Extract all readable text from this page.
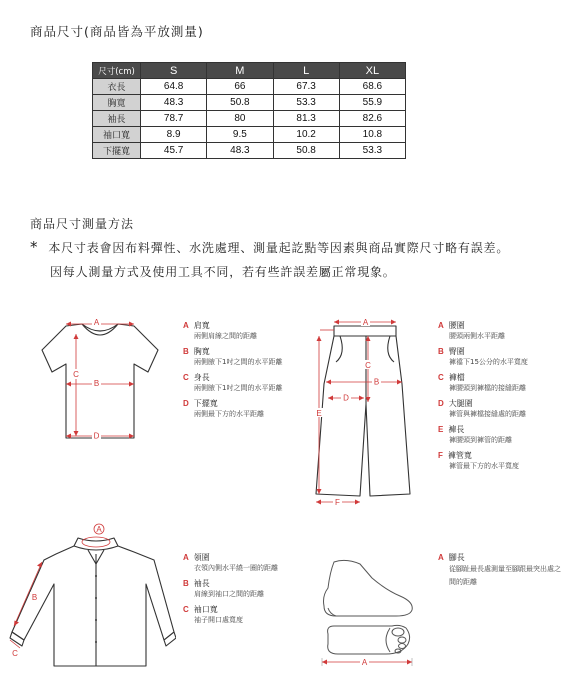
商品尺寸(商品皆為平放測量)
尺寸(cm)	S	M	L	XL
衣長	64.8	66	67.3	68.6
胸寬	48.3	50.8	53.3	55.9
袖長	78.7	80	81.3	82.6
袖口寬	8.9	9.5	10.2	10.8
下擺寬	45.7	48.3	50.8	53.3
商品尺寸測量方法
* 本尺寸表會因布料彈性、水洗處理、測量起訖點等因素與商品實際尺寸略有誤差。
因每人測量方式及使用工具不同，若有些許誤差屬正常現象。
A
B
C
D
A 肩寬
兩側肩線之間的距離
B 胸寬
兩側腋下1吋之間的水平距離
C 身長
兩側腋下1吋之間的水平距離
D 下擺寬
兩側最下方的水平距離
A
B
C
D
E
F
A 腰圍
腰頭兩側水平距離
B 臀圍
褲襠下15公分的水平寬度
C 褲檔
褲腰頭到褲檔的接縫距離
D 大腿圍
褲管與褲檔接縫處的距離
E 褲長
褲腰頭到褲管的距離
F 褲管寬
褲管最下方的水平寬度
A
B
C
A 領圍
衣領內側水平繞一圈的距離
B 袖長
肩線到袖口之間的距離
C 袖口寬
袖子開口處寬度
A
A 腳長
從腳趾最長處測量至腳跟最突出處之間的距離
